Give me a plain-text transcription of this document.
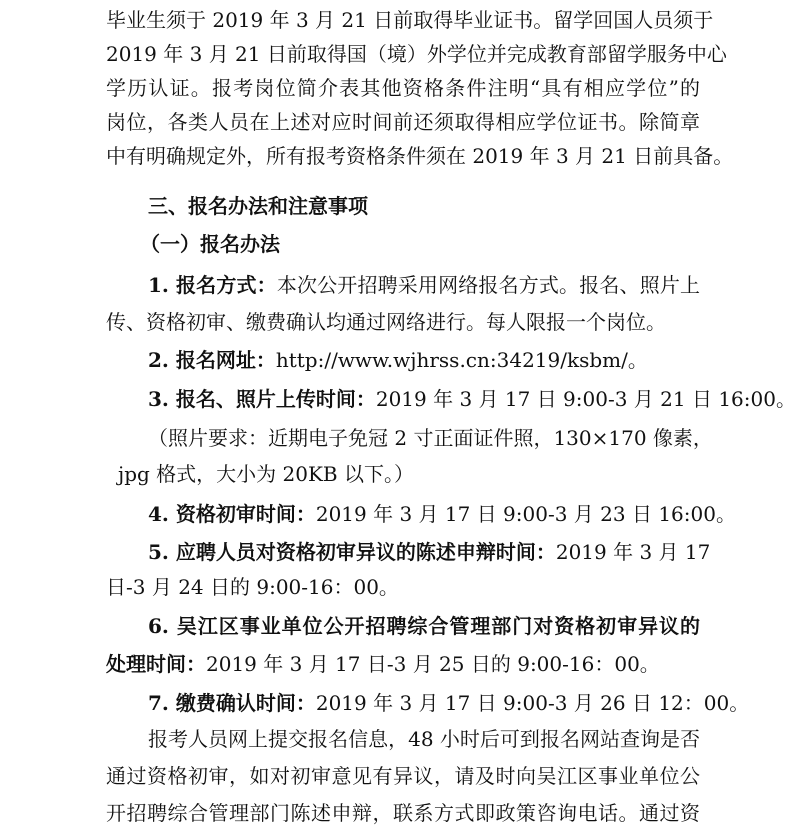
毕业生须于 2019 年 3 月 21 日前取得毕业证书。留学回国人员须于
2019 年 3 月 21 日前取得国（境）外学位并完成教育部留学服务中心
学历认证。报考岗位简介表其他资格条件注明“具有相应学位”的
岗位，各类人员在上述对应时间前还须取得相应学位证书。除简章
中有明确规定外，所有报考资格条件须在 2019 年 3 月 21 日前具备。
三、报名办法和注意事项
（一）报名办法
1. 报名方式：本次公开招聘采用网络报名方式。报名、照片上
传、资格初审、缴费确认均通过网络进行。每人限报一个岗位。
2. 报名网址：http://www.wjhrss.cn:34219/ksbm/。
3. 报名、照片上传时间：2019 年 3 月 17 日 9:00-3 月 21 日 16:00。
（照片要求：近期电子免冠 2 寸正面证件照，130×170 像素，
jpg 格式，大小为 20KB 以下。）
4. 资格初审时间：2019 年 3 月 17 日 9:00-3 月 23 日 16:00。
5. 应聘人员对资格初审异议的陈述申辩时间：2019 年 3 月 17
日-3 月 24 日的 9:00-16：00。
6. 吴江区事业单位公开招聘综合管理部门对资格初审异议的
处理时间：2019 年 3 月 17 日-3 月 25 日的 9:00-16：00。
7. 缴费确认时间：2019 年 3 月 17 日 9:00-3 月 26 日 12：00。
报考人员网上提交报名信息，48 小时后可到报名网站查询是否
通过资格初审，如对初审意见有异议，请及时向吴江区事业单位公
开招聘综合管理部门陈述申辩，联系方式即政策咨询电话。通过资
